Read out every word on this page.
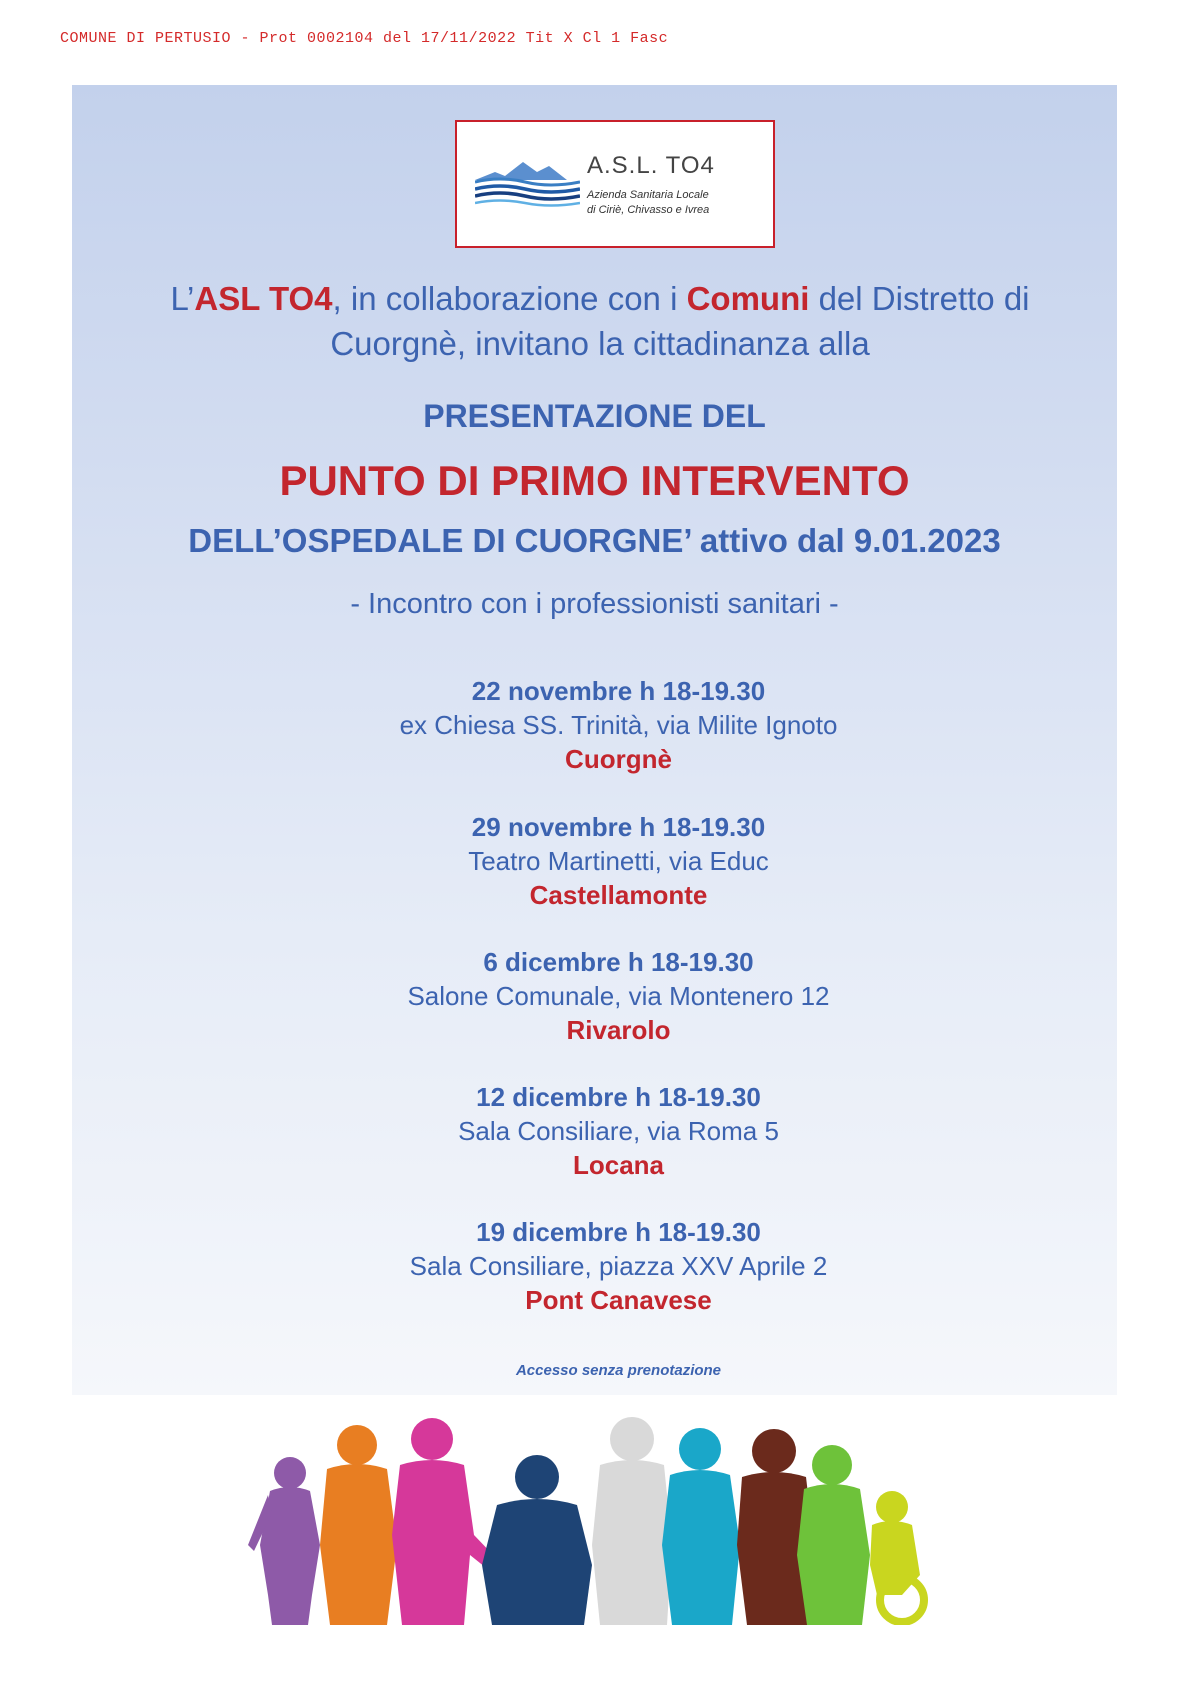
COMUNE DI PERTUSIO - Prot 0002104 del 17/11/2022 Tit X Cl 1 Fasc
A.S.L. TO4
Azienda Sanitaria Locale
di Ciriè, Chivasso e Ivrea
L’ASL TO4, in collaborazione con i Comuni del Distretto di Cuorgnè, invitano la cittadinanza alla
PRESENTAZIONE DEL
PUNTO DI PRIMO INTERVENTO
DELL’OSPEDALE DI CUORGNE’ attivo dal 9.01.2023
- Incontro con i professionisti sanitari -
22 novembre h 18-19.30
ex Chiesa SS. Trinità, via Milite Ignoto
Cuorgnè
29 novembre h 18-19.30
Teatro Martinetti, via Educ
Castellamonte
6 dicembre h 18-19.30
Salone Comunale, via Montenero 12
Rivarolo
12 dicembre h 18-19.30
Sala Consiliare, via Roma 5
Locana
19 dicembre h 18-19.30
Sala Consiliare, piazza XXV Aprile 2
Pont Canavese
Accesso senza prenotazione
